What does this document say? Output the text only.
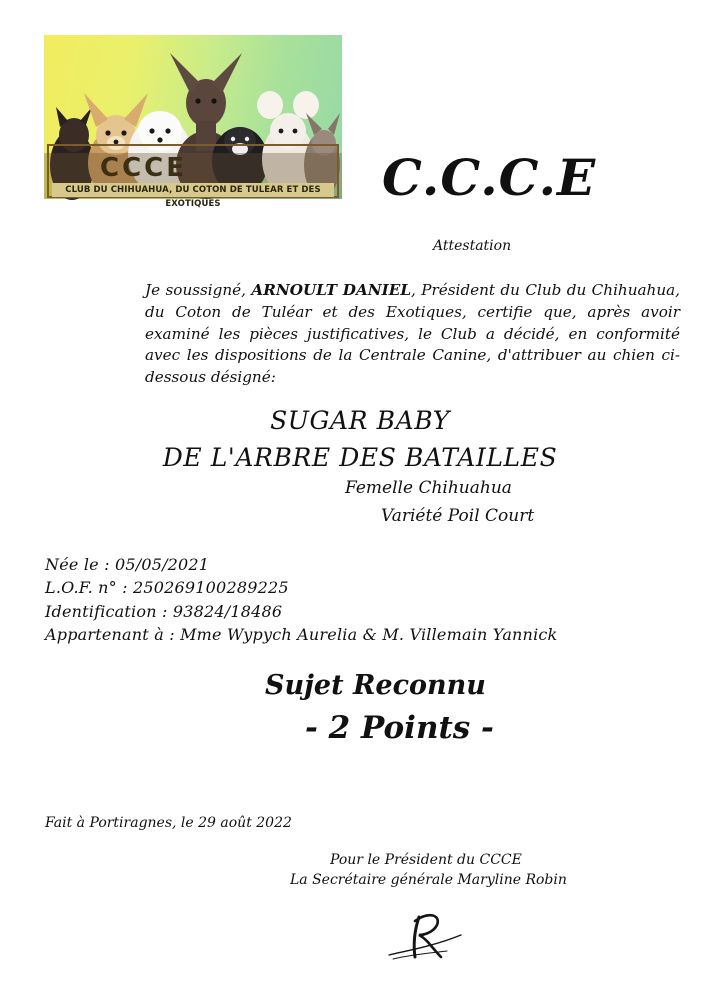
CCCE
CLUB DU CHIHUAHUA, DU COTON DE TULEAR ET DES EXOTIQUES	C.C.C.E
Attestation

Je soussigné, ARNOULT DANIEL, Président du Club du Chihuahua, du Coton de Tuléar et des Exotiques, certifie que, après avoir examiné les pièces justificatives, le Club a décidé, en conformité avec les dispositions de la Centrale Canine, d'attribuer au chien ci-dessous désigné:

SUGAR BABY
DE L'ARBRE DES BATAILLES
Femelle Chihuahua
Variété Poil Court
Née le : 05/05/2021
L.O.F. n° : 250269100289225
Identification : 93824/18486
Appartenant à : Mme Wypych Aurelia & M. Villemain Yannick
Sujet Reconnu
- 2 Points -
Fait à Portiragnes, le 29 août 2022
Pour le Président du CCCE
La Secrétaire générale Maryline Robin
